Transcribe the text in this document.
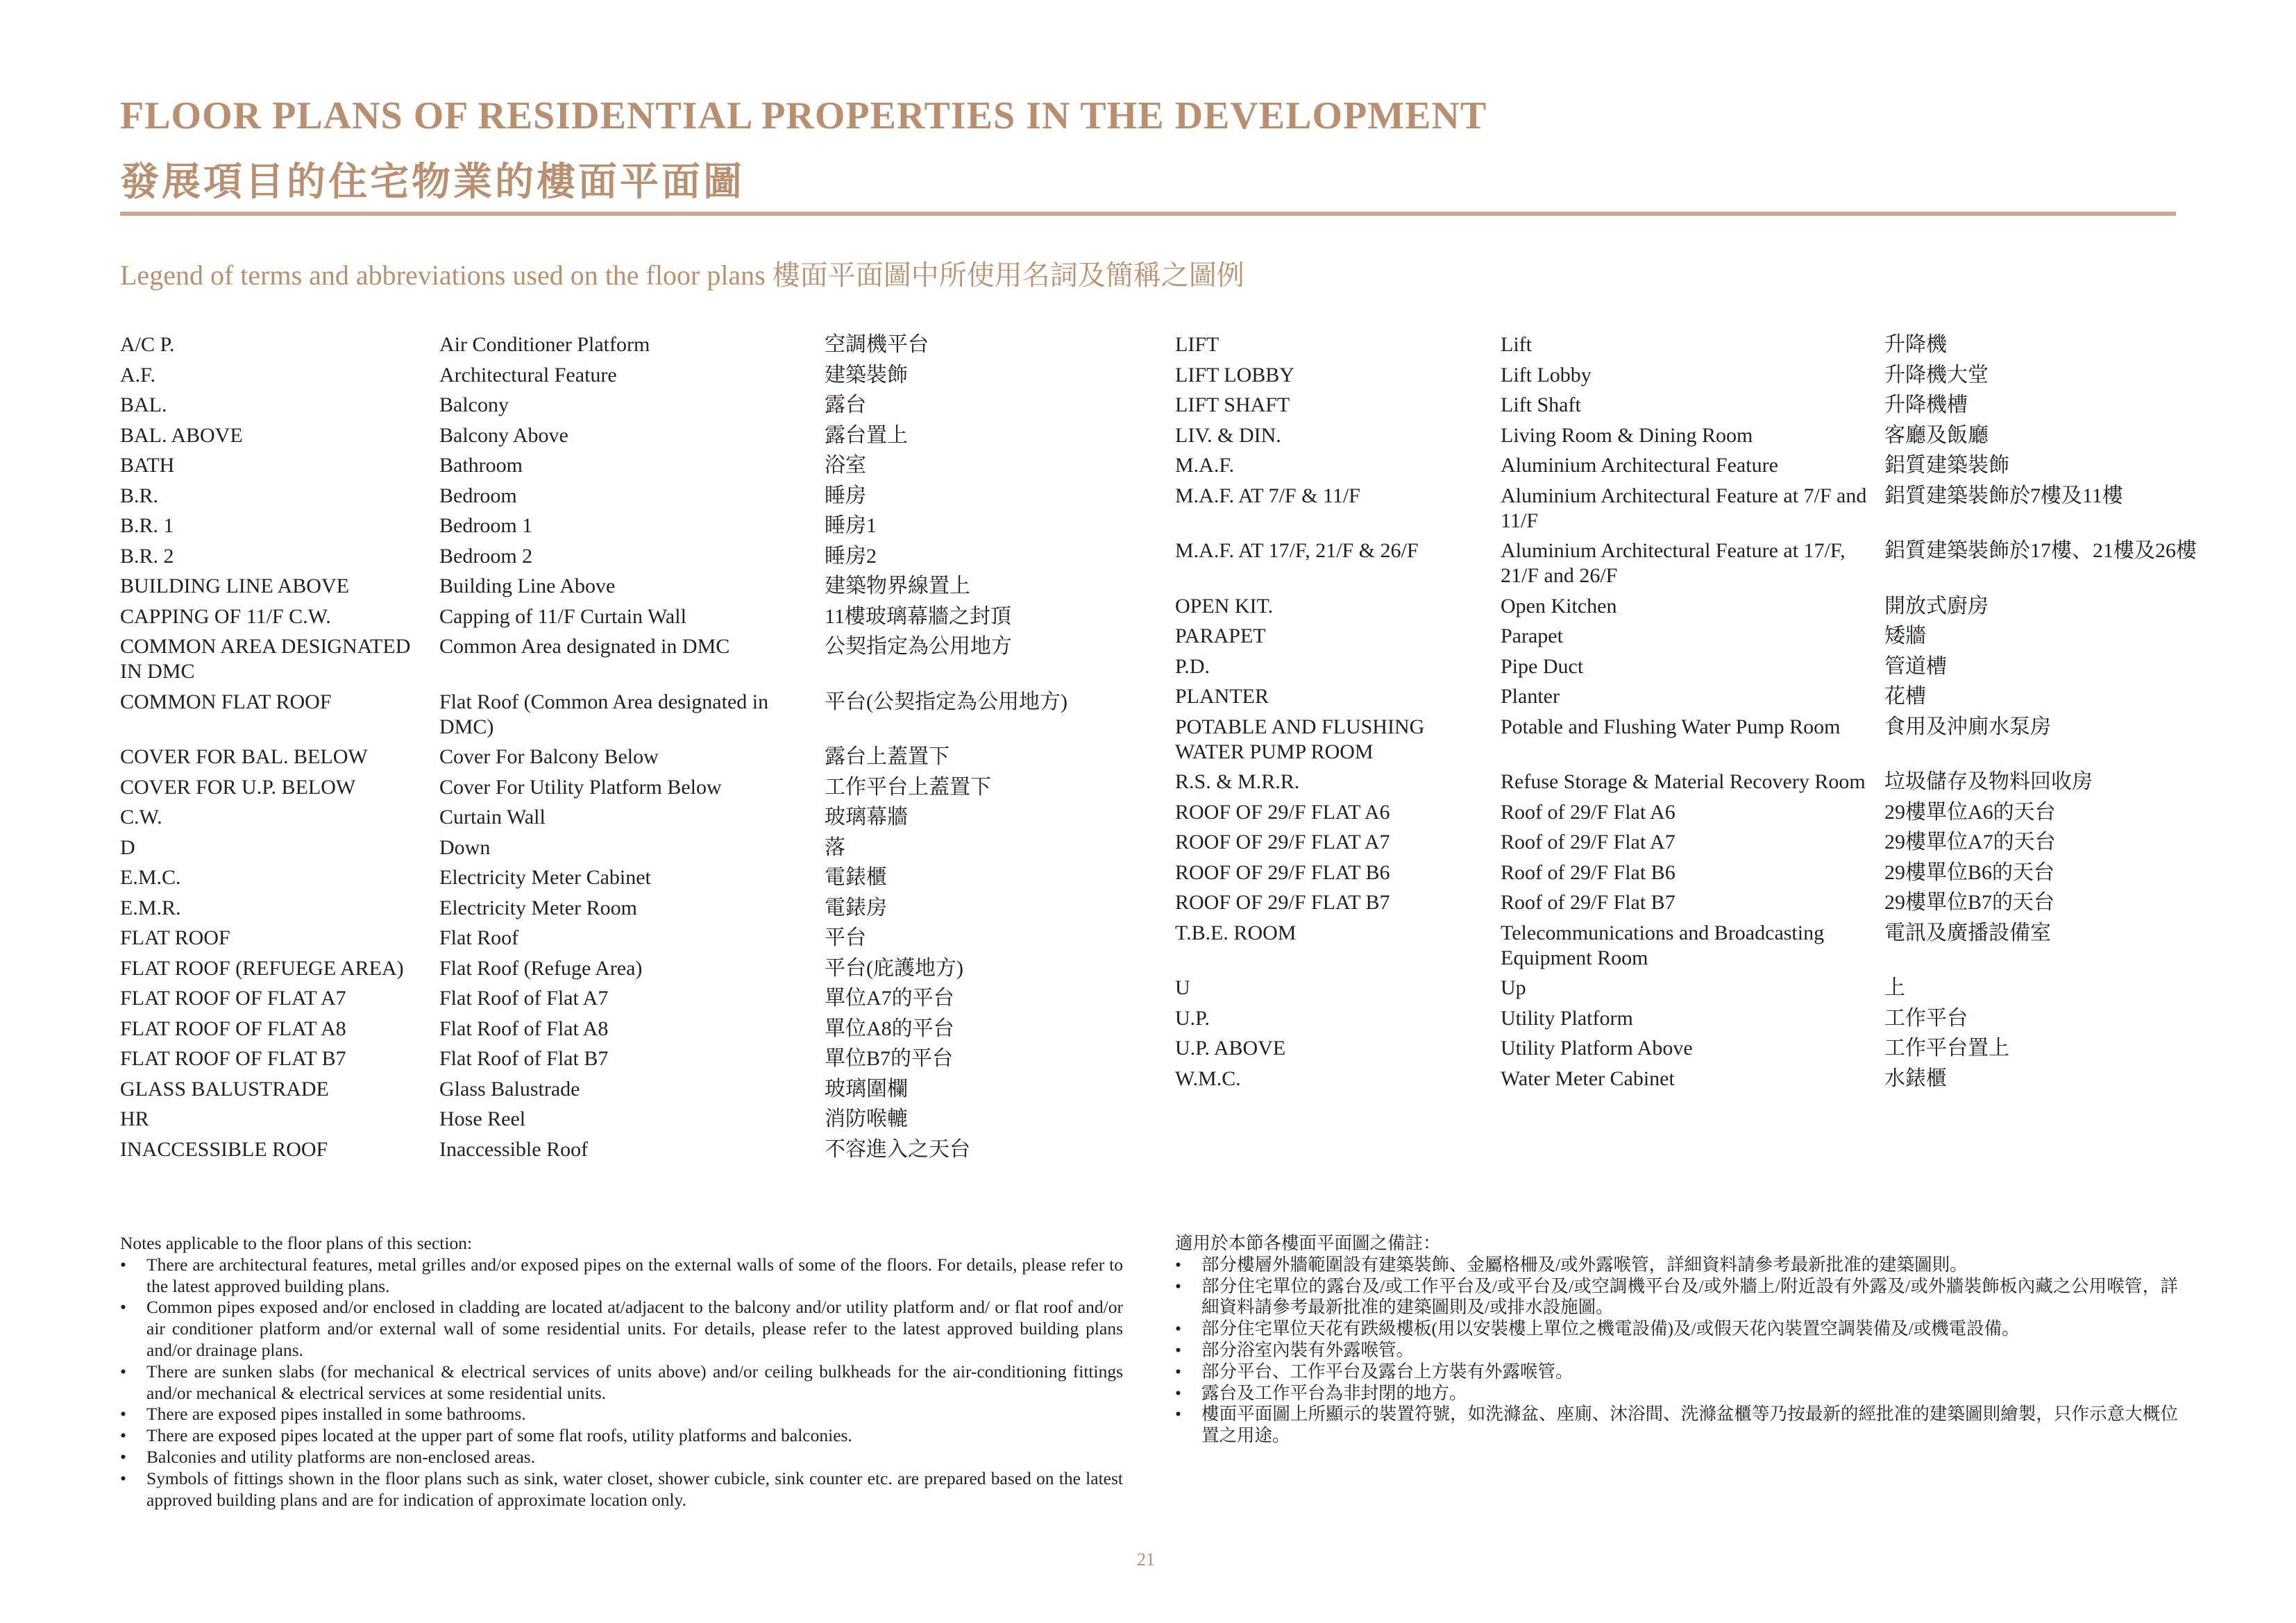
FLOOR PLANS OF RESIDENTIAL PROPERTIES IN THE DEVELOPMENT
發展項目的住宅物業的樓面平面圖
Legend of terms and abbreviations used on the floor plans 樓面平面圖中所使用名詞及簡稱之圖例
A/C P.	Air Conditioner Platform	空調機平台
A.F.	Architectural Feature	建築裝飾
BAL.	Balcony	露台
BAL. ABOVE	Balcony Above	露台置上
BATH	Bathroom	浴室
B.R.	Bedroom	睡房
B.R. 1	Bedroom 1	睡房1
B.R. 2	Bedroom 2	睡房2
BUILDING LINE ABOVE	Building Line Above	建築物界線置上
CAPPING OF 11/F C.W.	Capping of 11/F Curtain Wall	11樓玻璃幕牆之封頂
COMMON AREA DESIGNATED IN DMC
Common Area designated in DMC	公契指定為公用地方
COMMON FLAT ROOF	Flat Roof (Common Area designated in DMC)
平台(公契指定為公用地方)
COVER FOR BAL. BELOW	Cover For Balcony Below	露台上蓋置下
COVER FOR U.P. BELOW	Cover For Utility Platform Below	工作平台上蓋置下
C.W.	Curtain Wall	玻璃幕牆
D	Down	落
E.M.C.	Electricity Meter Cabinet	電錶櫃
E.M.R.	Electricity Meter Room	電錶房
FLAT ROOF	Flat Roof	平台
FLAT ROOF (REFUEGE AREA)	Flat Roof (Refuge Area)	平台(庇護地方)
FLAT ROOF OF FLAT A7	Flat Roof of Flat A7	單位A7的平台
FLAT ROOF OF FLAT A8	Flat Roof of Flat A8	單位A8的平台
FLAT ROOF OF FLAT B7	Flat Roof of Flat B7	單位B7的平台
GLASS BALUSTRADE	Glass Balustrade	玻璃圍欄
HR	Hose Reel	消防喉轆
INACCESSIBLE ROOF	Inaccessible Roof	不容進入之天台
LIFT	Lift	升降機
LIFT LOBBY	Lift Lobby	升降機大堂
LIFT SHAFT	Lift Shaft	升降機槽
LIV. & DIN.	Living Room & Dining Room	客廳及飯廳
M.A.F.	Aluminium Architectural Feature	鋁質建築裝飾
M.A.F. AT 7/F & 11/F	Aluminium Architectural Feature at 7/F and 11/F
鋁質建築裝飾於7樓及11樓
M.A.F. AT 17/F, 21/F & 26/F	Aluminium Architectural Feature at 17/F, 21/F and 26/F
鋁質建築裝飾於17樓、21樓及26樓
OPEN KIT.	Open Kitchen	開放式廚房
PARAPET	Parapet	矮牆
P.D.	Pipe Duct	管道槽
PLANTER	Planter	花槽
POTABLE AND FLUSHING WATER PUMP ROOM
Potable and Flushing Water Pump Room	食用及沖廁水泵房
R.S. & M.R.R.	Refuse Storage & Material Recovery Room 垃圾儲存及物料回收房
ROOF OF 29/F FLAT A6	Roof of 29/F Flat A6	29樓單位A6的天台
ROOF OF 29/F FLAT A7	Roof of 29/F Flat A7	29樓單位A7的天台
ROOF OF 29/F FLAT B6	Roof of 29/F Flat B6	29樓單位B6的天台
ROOF OF 29/F FLAT B7	Roof of 29/F Flat B7	29樓單位B7的天台
T.B.E. ROOM	Telecommunications and Broadcasting Equipment Room
電訊及廣播設備室
U	Up	上
U.P.	Utility Platform	工作平台
U.P. ABOVE	Utility Platform Above	工作平台置上
W.M.C.	Water Meter Cabinet	水錶櫃
Notes applicable to the floor plans of this section:
• There are architectural features, metal grilles and/or exposed pipes on the external walls of some of the floors. For details, please refer to the latest approved building plans.
• Common pipes exposed and/or enclosed in cladding are located at/adjacent to the balcony and/or utility platform and/ or flat roof and/or air conditioner platform and/or external wall of some residential units. For details, please refer to the latest approved building plans and/or drainage plans.
• There are sunken slabs (for mechanical & electrical services of units above) and/or ceiling bulkheads for the air-conditioning fittings and/or mechanical & electrical services at some residential units.
• There are exposed pipes installed in some bathrooms.
• There are exposed pipes located at the upper part of some flat roofs, utility platforms and balconies.
• Balconies and utility platforms are non-enclosed areas.
• Symbols of fittings shown in the floor plans such as sink, water closet, shower cubicle, sink counter etc. are prepared based on the latest approved building plans and are for indication of approximate location only.
適用於本節各樓面平面圖之備註：
• 部分樓層外牆範圍設有建築裝飾、金屬格柵及/或外露喉管，詳細資料請參考最新批准的建築圖則。
• 部分住宅單位的露台及/或工作平台及/或平台及/或空調機平台及/或外牆上/附近設有外露及/或外牆裝飾板內藏之公用喉管，詳細資料請參考最新批准的建築圖則及/或排水設施圖。
• 部分住宅單位天花有跌級樓板(用以安裝樓上單位之機電設備)及/或假天花內裝置空調裝備及/或機電設備。
• 部分浴室內裝有外露喉管。
• 部分平台、工作平台及露台上方裝有外露喉管。
• 露台及工作平台為非封閉的地方。
• 樓面平面圖上所顯示的裝置符號，如洗滌盆、座廁、沐浴間、洗滌盆櫃等乃按最新的經批准的建築圖則繪製，只作示意大概位置之用途。
21
